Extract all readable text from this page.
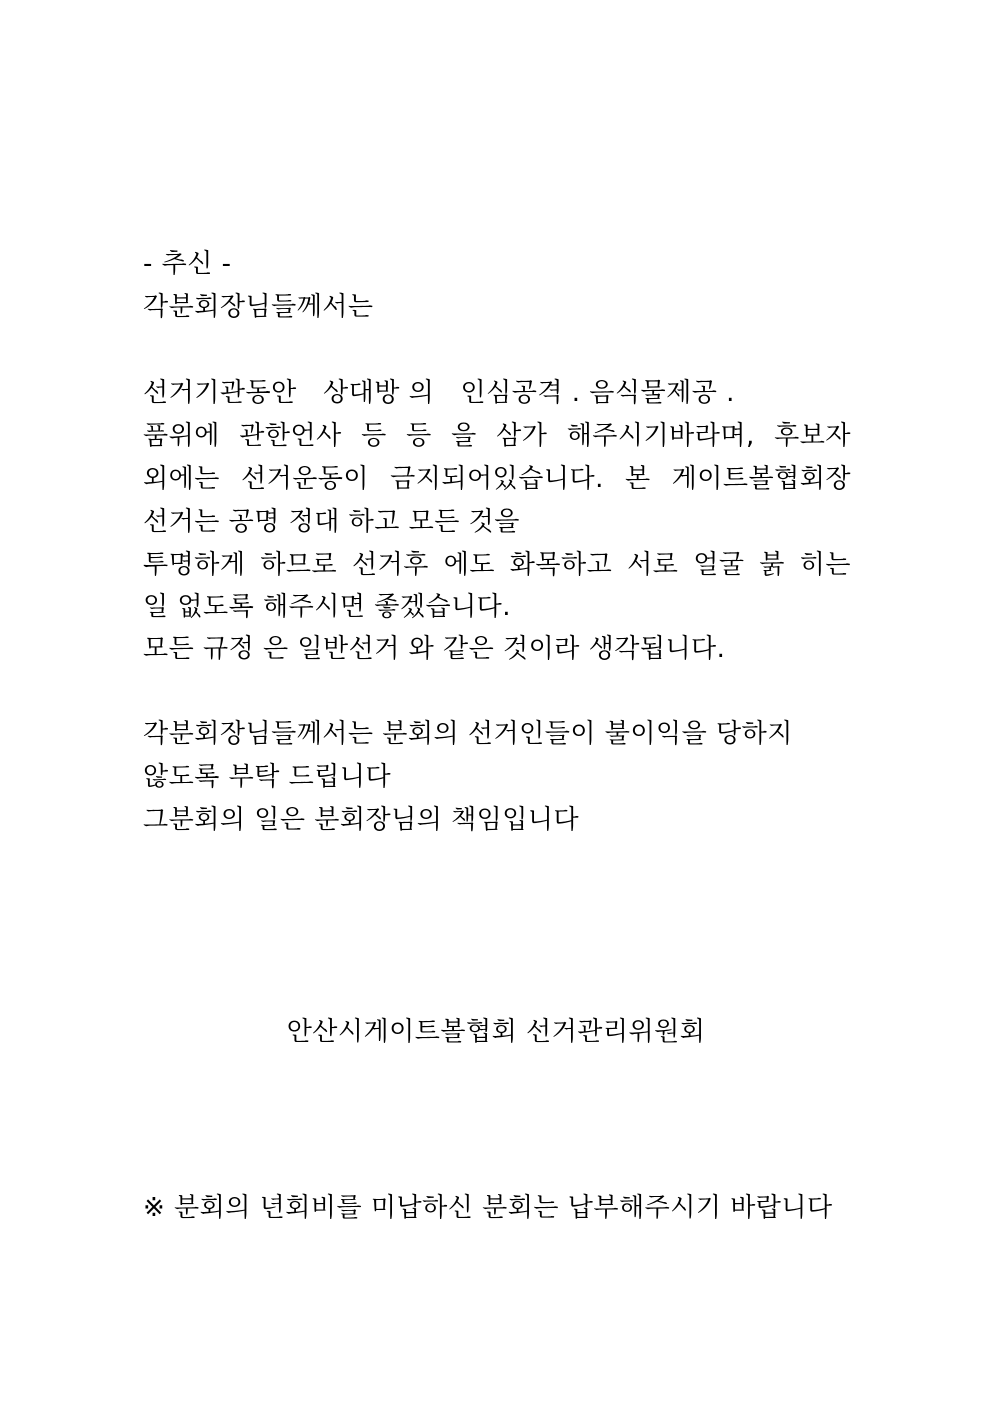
- 추신 -
각분회장님들께서는
선거기관동안   상대방 의   인심공격 . 음식물제공 .
품위에 관한언사 등 등 을 삼가 해주시기바라며, 후보자
외에는 선거운동이 금지되어있습니다. 본 게이트볼협회장
선거는 공명 정대 하고 모든 것을
투명하게 하므로 선거후 에도 화목하고 서로 얼굴 붉 히는
일 없도록 해주시면 좋겠습니다.
모든 규정 은 일반선거 와 같은 것이라 생각됩니다.
각분회장님들께서는 분회의 선거인들이 불이익을 당하지
않도록 부탁 드립니다
그분회의 일은 분회장님의 책임입니다
안산시게이트볼협회 선거관리위원회
※ 분회의 년회비를 미납하신 분회는 납부해주시기 바랍니다
